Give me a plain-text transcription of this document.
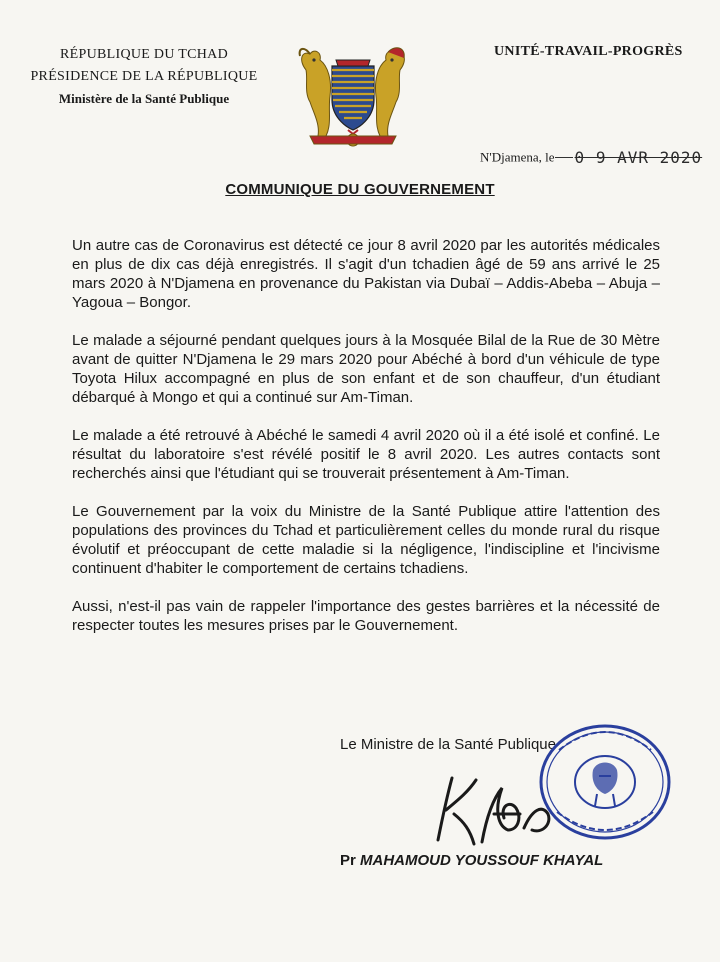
RÉPUBLIQUE DU TCHAD
PRÉSIDENCE DE LA RÉPUBLIQUE
Ministère de la Santé Publique
UNITÉ-TRAVAIL-PROGRÈS
N'Djamena, le 0 9 AVR 2020
COMMUNIQUE DU GOUVERNEMENT

Un autre cas de Coronavirus est détecté ce jour 8 avril 2020 par les autorités médicales en plus de dix cas déjà enregistrés. Il s'agit d'un tchadien âgé de 59 ans arrivé le 25 mars 2020 à N'Djamena en provenance du Pakistan via Dubaï – Addis-Abeba – Abuja – Yagoua – Bongor.

Le malade a séjourné pendant quelques jours à la Mosquée Bilal de la Rue de 30 Mètre avant de quitter N'Djamena le 29 mars 2020 pour Abéché à bord d'un véhicule de type Toyota Hilux accompagné en plus de son enfant et de son chauffeur, d'un étudiant débarqué à Mongo et qui a continué sur Am-Timan.

Le malade a été retrouvé à Abéché le samedi 4 avril 2020 où il a été isolé et confiné. Le résultat du laboratoire s'est révélé positif le 8 avril 2020. Les autres contacts sont recherchés ainsi que l'étudiant qui se trouverait présentement à Am-Timan.

Le Gouvernement par la voix du Ministre de la Santé Publique attire l'attention des populations des provinces du Tchad et particulièrement celles du monde rural du risque évolutif et préoccupant de cette maladie si la négligence, l'indiscipline et l'incivisme continuent d'habiter le comportement de certains tchadiens.

Aussi, n'est-il pas vain de rappeler l'importance des gestes barrières et la nécessité de respecter toutes les mesures prises par le Gouvernement.

Le Ministre de la Santé Publique
Pr MAHAMOUD YOUSSOUF KHAYAL
